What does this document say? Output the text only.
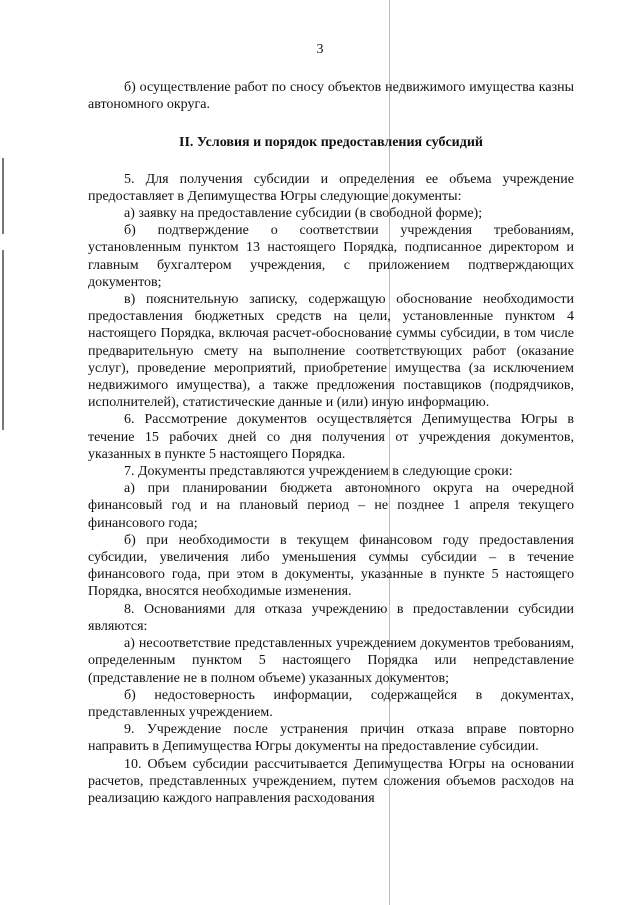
3

б) осуществление работ по сносу объектов недвижимого имущества казны автономного округа.

II. Условия и порядок предоставления субсидий

5. Для получения субсидии и определения ее объема учреждение предоставляет в Депимущества Югры следующие документы:

а) заявку на предоставление субсидии (в свободной форме);

б) подтверждение о соответствии учреждения требованиям, установленным пунктом 13 настоящего Порядка, подписанное директором и главным бухгалтером учреждения, с приложением подтверждающих документов;

в) пояснительную записку, содержащую обоснование необходимости предоставления бюджетных средств на цели, установленные пунктом 4 настоящего Порядка, включая расчет-обоснование суммы субсидии, в том числе предварительную смету на выполнение соответствующих работ (оказание услуг), проведение мероприятий, приобретение имущества (за исключением недвижимого имущества), а также предложения поставщиков (подрядчиков, исполнителей), статистические данные и (или) иную информацию.

6. Рассмотрение документов осуществляется Депимущества Югры в течение 15 рабочих дней со дня получения от учреждения документов, указанных в пункте 5 настоящего Порядка.

7. Документы представляются учреждением в следующие сроки:

а) при планировании бюджета автономного округа на очередной финансовый год и на плановый период – не позднее 1 апреля текущего финансового года;

б) при необходимости в текущем финансовом году предоставления субсидии, увеличения либо уменьшения суммы субсидии – в течение финансового года, при этом в документы, указанные в пункте 5 настоящего Порядка, вносятся необходимые изменения.

8. Основаниями для отказа учреждению в предоставлении субсидии являются:

а) несоответствие представленных учреждением документов требованиям, определенным пунктом 5 настоящего Порядка или непредставление (представление не в полном объеме) указанных документов;

б) недостоверность информации, содержащейся в документах, представленных учреждением.

9. Учреждение после устранения причин отказа вправе повторно направить в Депимущества Югры документы на предоставление субсидии.

10. Объем субсидии рассчитывается Депимущества Югры на основании расчетов, представленных учреждением, путем сложения объемов расходов на реализацию каждого направления расходования
